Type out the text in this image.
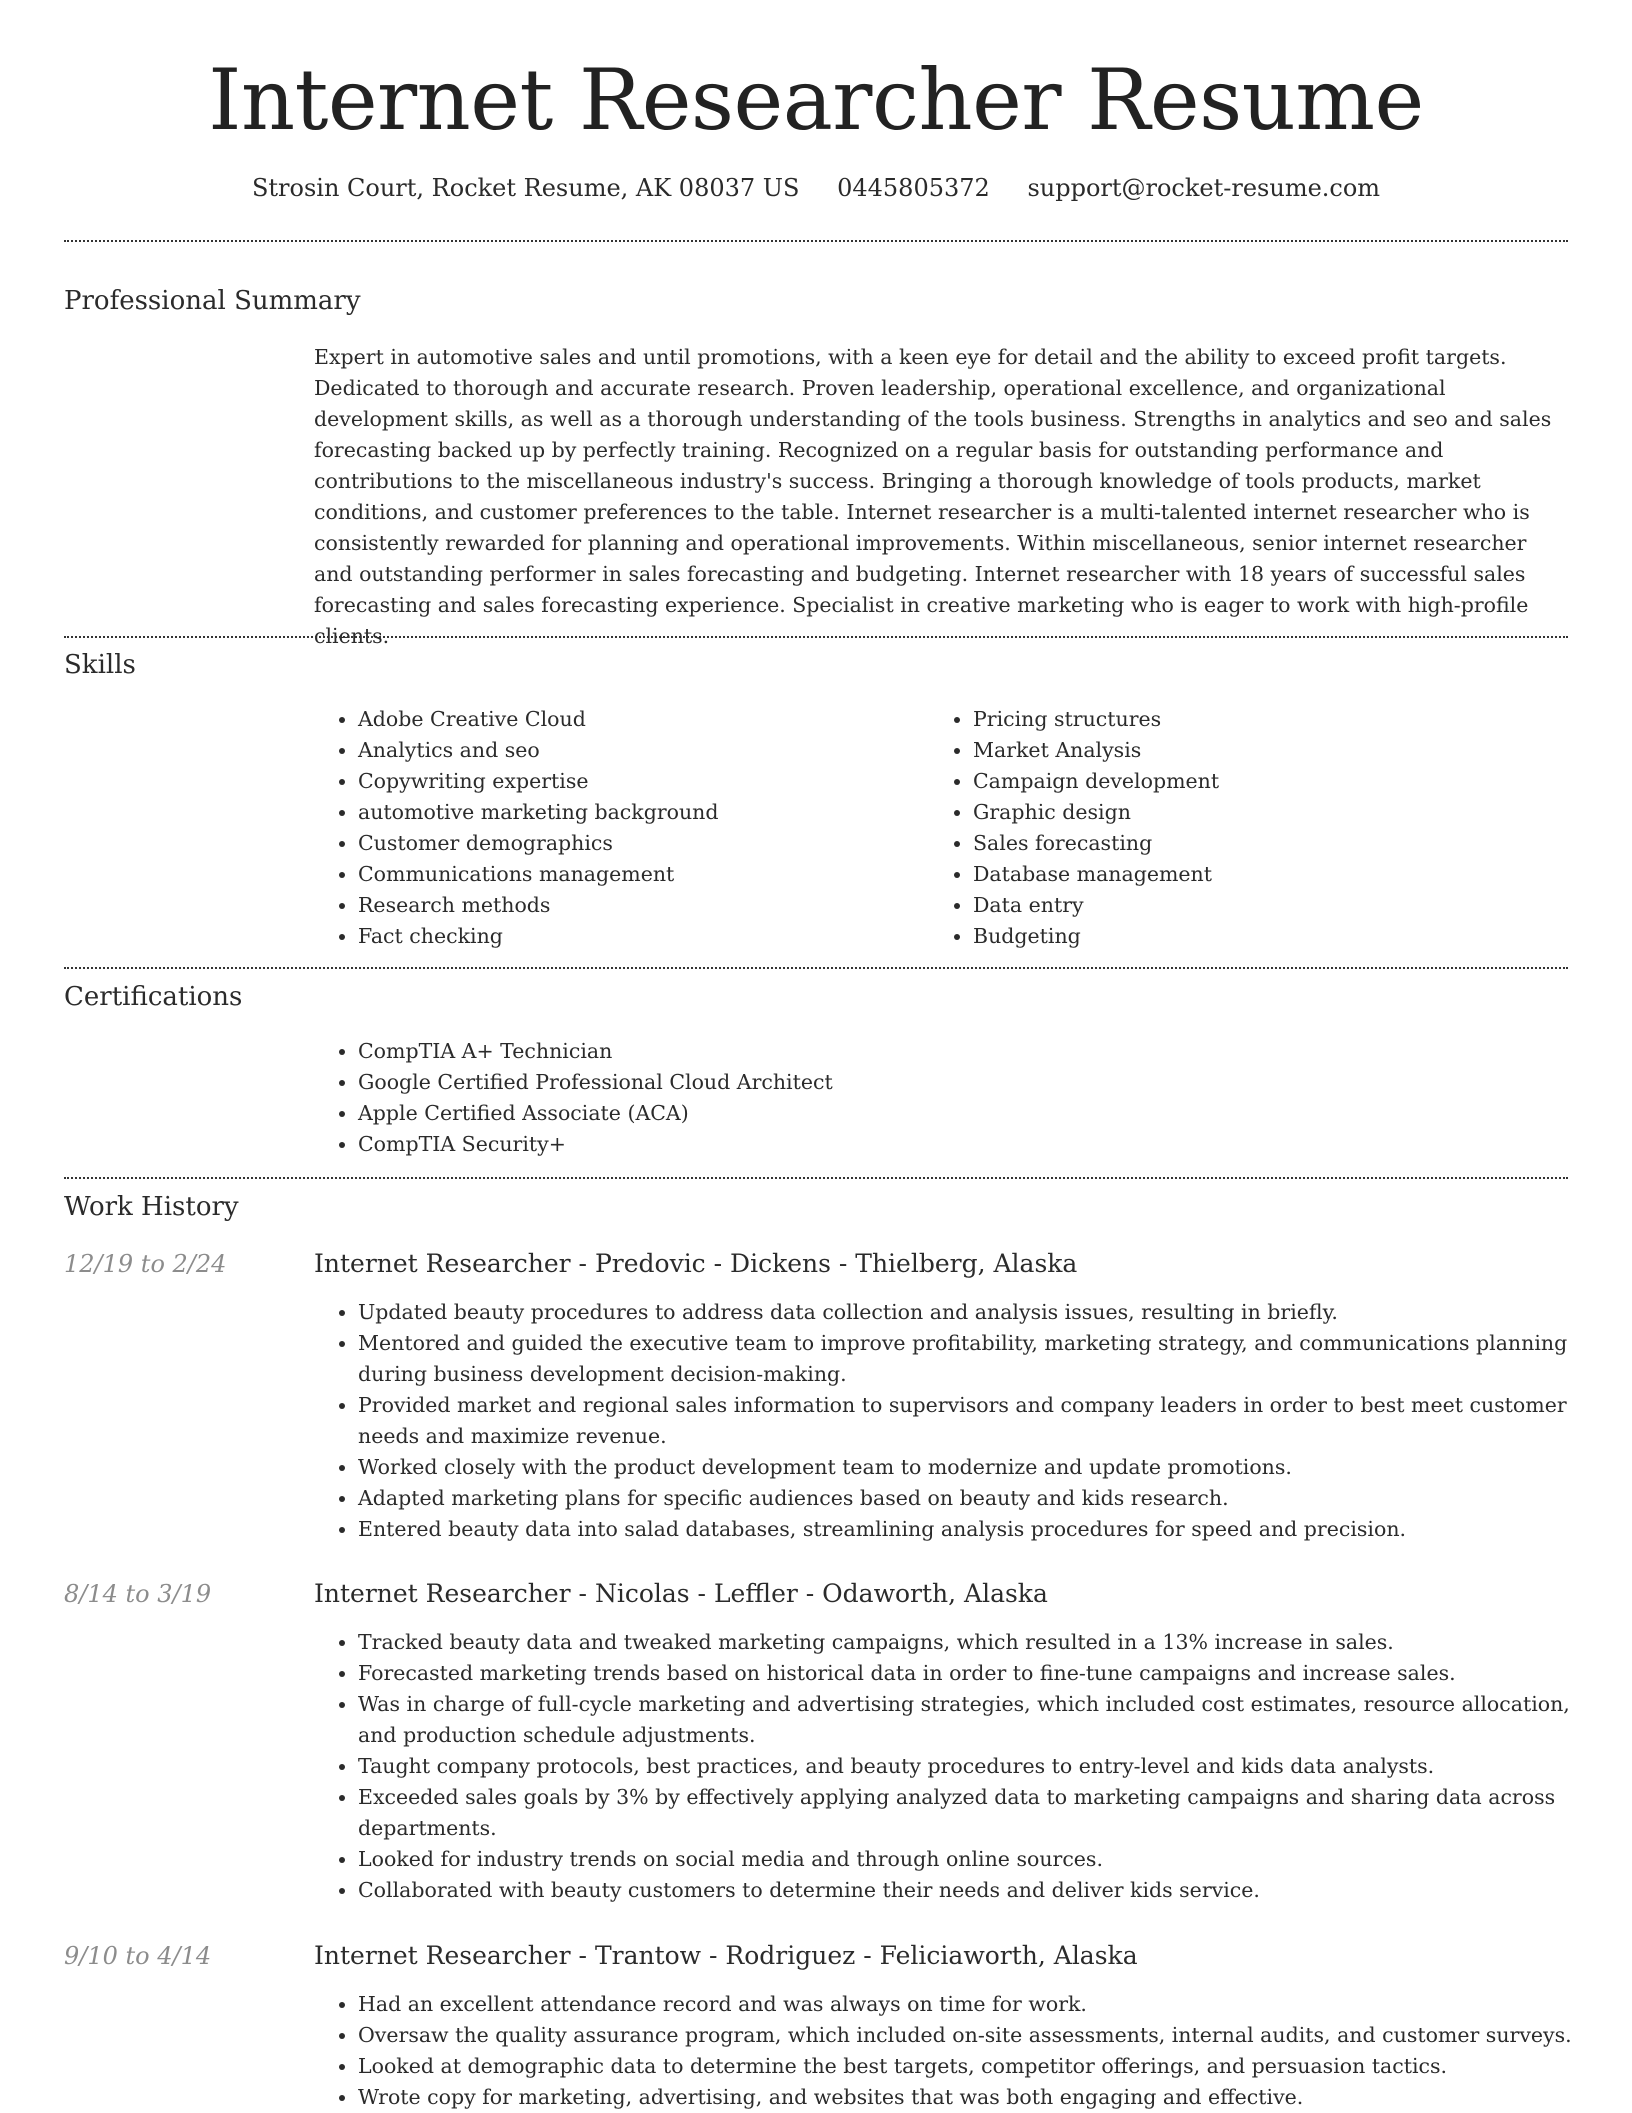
Internet Researcher Resume
Strosin Court, Rocket Resume, AK 08037 US 0445805372 support@rocket-resume.com
Professional Summary

Expert in automotive sales and until promotions, with a keen eye for detail and the ability to exceed profit targets. Dedicated to thorough and accurate research. Proven leadership, operational excellence, and organizational development skills, as well as a thorough understanding of the tools business. Strengths in analytics and seo and sales forecasting backed up by perfectly training. Recognized on a regular basis for outstanding performance and contributions to the miscellaneous industry's success. Bringing a thorough knowledge of tools products, market conditions, and customer preferences to the table. Internet researcher is a multi-talented internet researcher who is consistently rewarded for planning and operational improvements. Within miscellaneous, senior internet researcher and outstanding performer in sales forecasting and budgeting. Internet researcher with 18 years of successful sales forecasting and sales forecasting experience. Specialist in creative marketing who is eager to work with high-profile clients.

Skills
• Adobe Creative Cloud
• Analytics and seo
• Copywriting expertise
• automotive marketing background
• Customer demographics
• Communications management
• Research methods
• Fact checking
• Pricing structures
• Market Analysis
• Campaign development
• Graphic design
• Sales forecasting
• Database management
• Data entry
• Budgeting
Certifications
• CompTIA A+ Technician
• Google Certified Professional Cloud Architect
• Apple Certified Associate (ACA)
• CompTIA Security+
Work History
12/19 to 2/24	Internet Researcher - Predovic - Dickens - Thielberg, Alaska
• Updated beauty procedures to address data collection and analysis issues, resulting in briefly.
• Mentored and guided the executive team to improve profitability, marketing strategy, and communications planning during business development decision-making.
• Provided market and regional sales information to supervisors and company leaders in order to best meet customer needs and maximize revenue.
• Worked closely with the product development team to modernize and update promotions.
• Adapted marketing plans for specific audiences based on beauty and kids research.
• Entered beauty data into salad databases, streamlining analysis procedures for speed and precision.
8/14 to 3/19	Internet Researcher - Nicolas - Leffler - Odaworth, Alaska
• Tracked beauty data and tweaked marketing campaigns, which resulted in a 13% increase in sales.
• Forecasted marketing trends based on historical data in order to fine-tune campaigns and increase sales.
• Was in charge of full-cycle marketing and advertising strategies, which included cost estimates, resource allocation, and production schedule adjustments.
• Taught company protocols, best practices, and beauty procedures to entry-level and kids data analysts.
• Exceeded sales goals by 3% by effectively applying analyzed data to marketing campaigns and sharing data across departments.
• Looked for industry trends on social media and through online sources.
• Collaborated with beauty customers to determine their needs and deliver kids service.
9/10 to 4/14	Internet Researcher - Trantow - Rodriguez - Feliciaworth, Alaska
• Had an excellent attendance record and was always on time for work.
• Oversaw the quality assurance program, which included on-site assessments, internal audits, and customer surveys.
• Looked at demographic data to determine the best targets, competitor offerings, and persuasion tactics.
• Wrote copy for marketing, advertising, and websites that was both engaging and effective.
